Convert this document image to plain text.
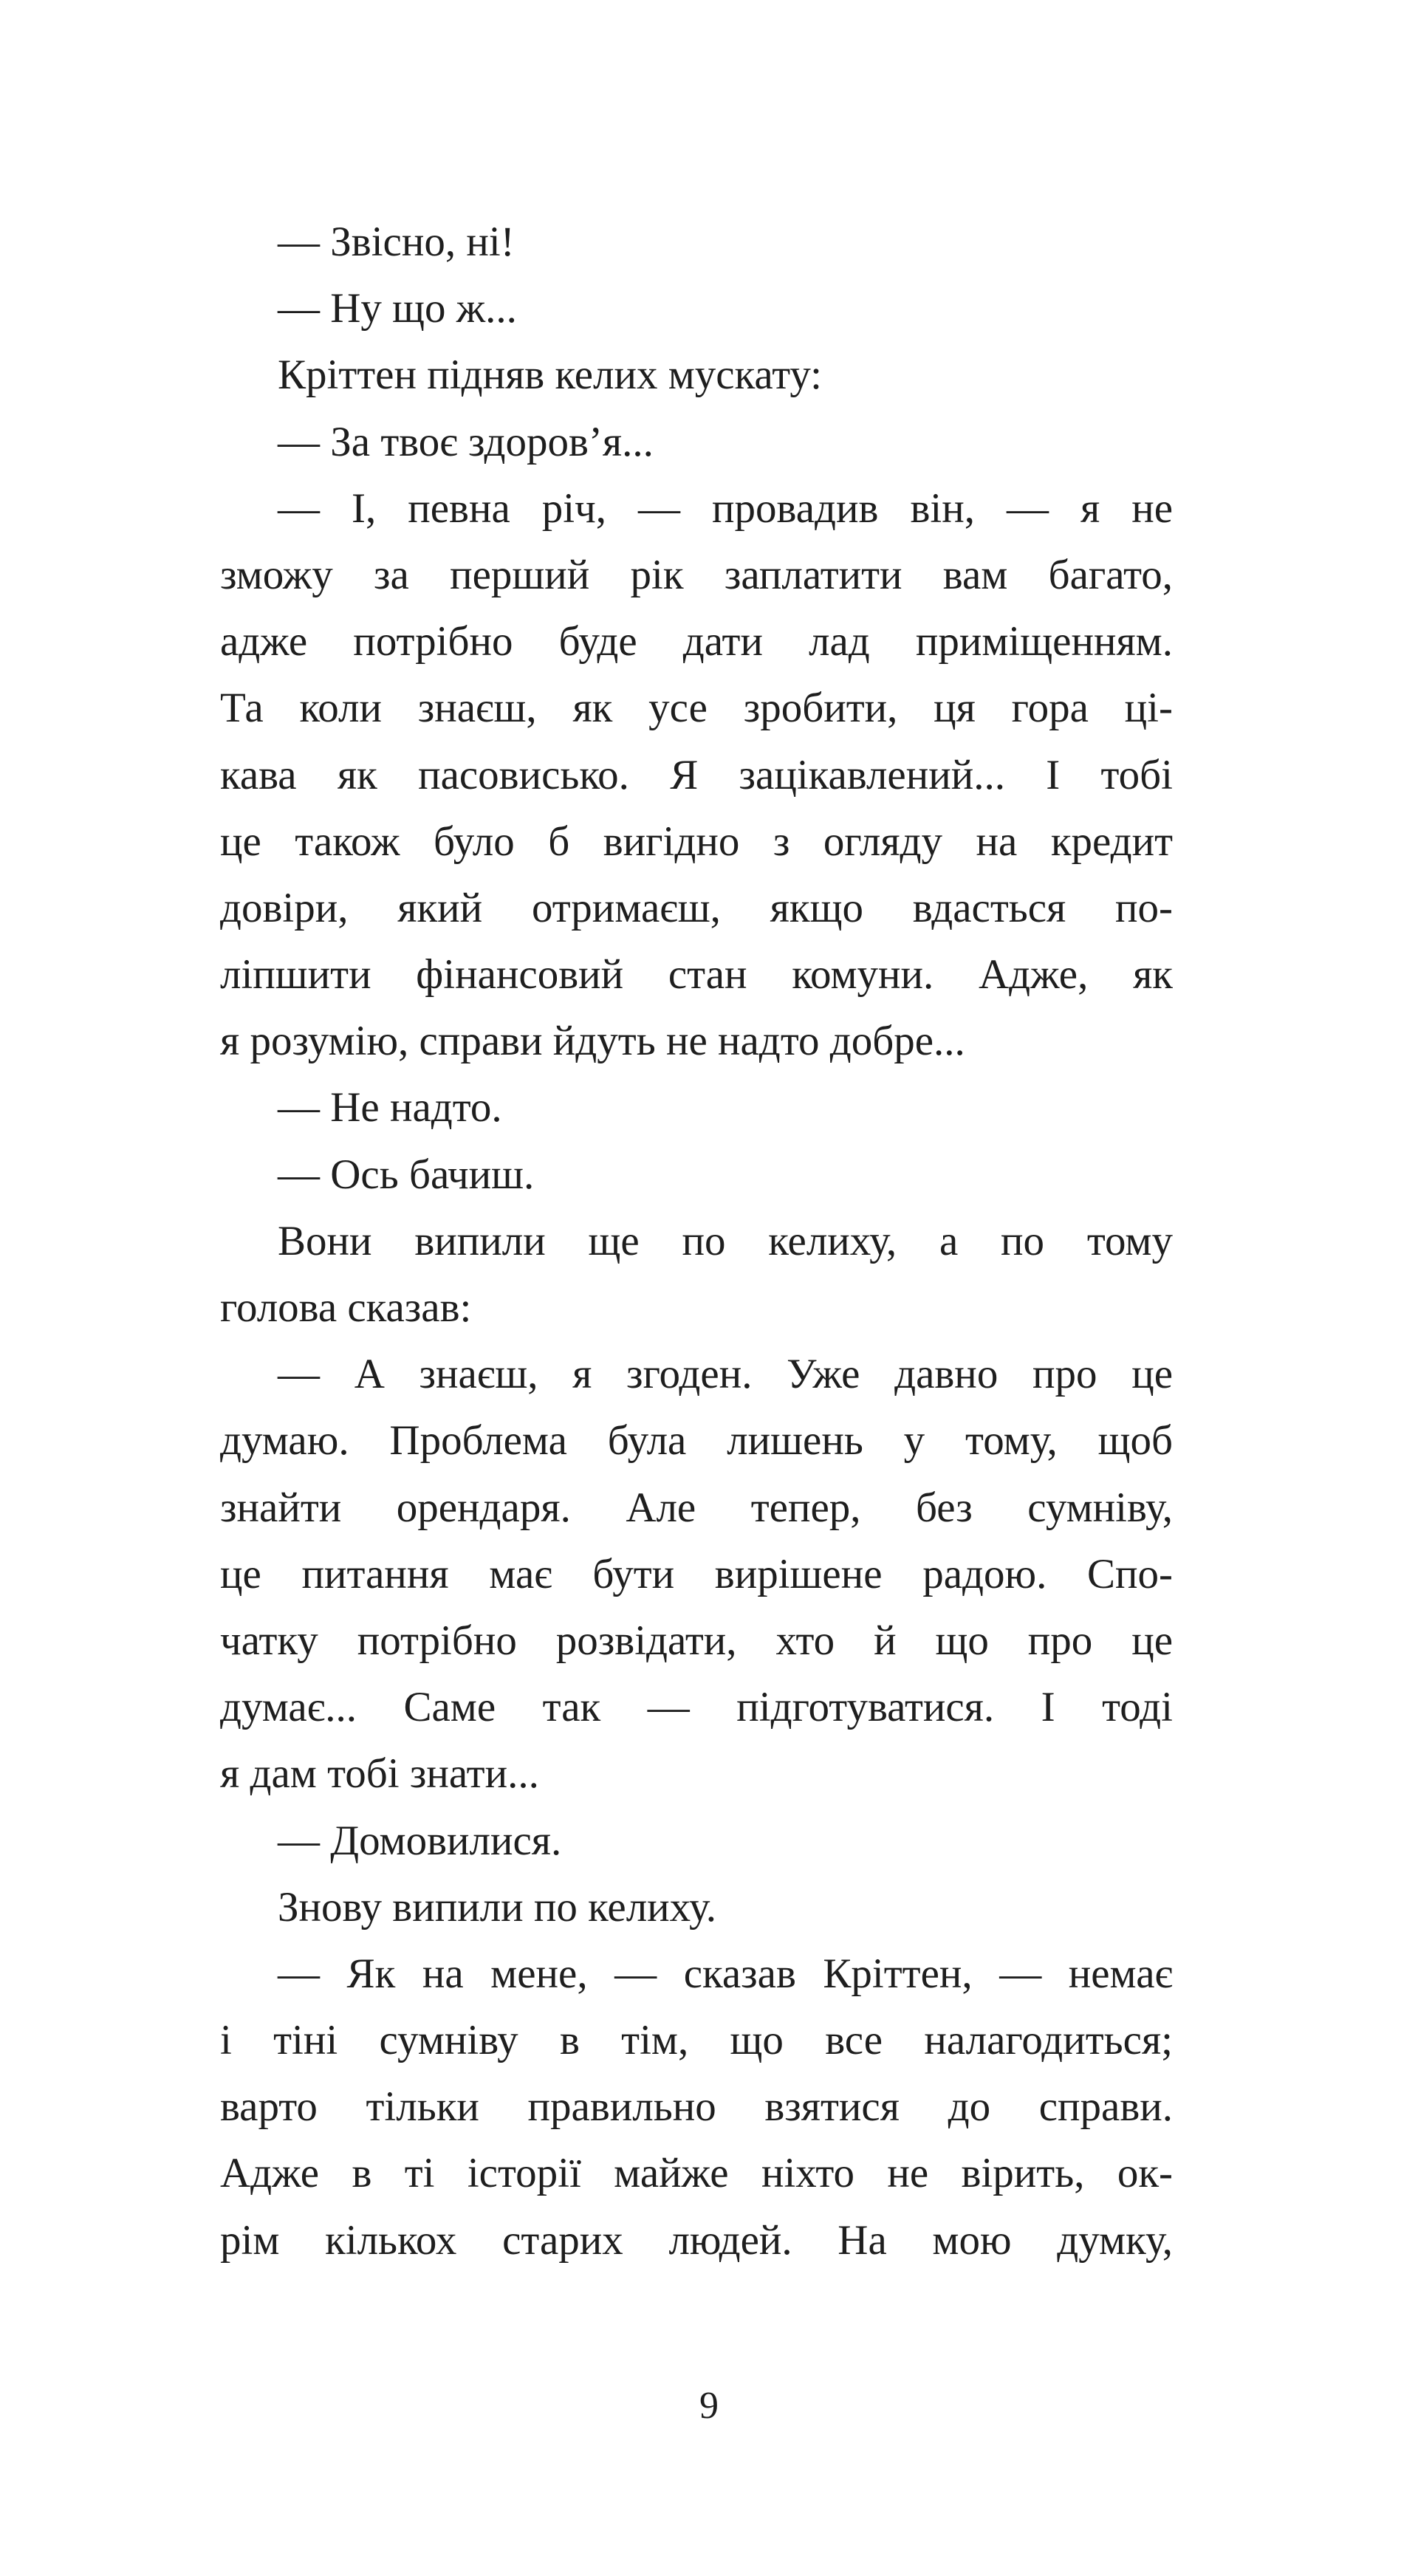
— Звісно, ні!
— Ну що ж...
Кріттен підняв келих мускату:
— За твоє здоров’я...
— І, певна річ, — провадив він, — я не
зможу за перший рік заплатити вам багато,
адже потрібно буде дати лад приміщенням.
Та коли знаєш, як усе зробити, ця гора ці-
кава як пасовисько. Я зацікавлений... І тобі
це також було б вигідно з огляду на кредит
довіри, який отримаєш, якщо вдасться по-
ліпшити фінансовий стан комуни. Адже, як
я розумію, справи йдуть не надто добре...
— Не надто.
— Ось бачиш.
Вони випили ще по келиху, а по тому
голова сказав:
— А знаєш, я згоден. Уже давно про це
думаю. Проблема була лишень у тому, щоб
знайти орендаря. Але тепер, без сумніву,
це питання має бути вирішене радою. Спо-
чатку потрібно розвідати, хто й що про це
думає... Саме так — підготуватися. І тоді
я дам тобі знати...
— Домовилися.
Знову випили по келиху.
— Як на мене, — сказав Кріттен, — немає
і тіні сумніву в тім, що все налагодиться;
варто тільки правильно взятися до справи.
Адже в ті історії майже ніхто не вірить, ок-
рім кількох старих людей. На мою думку,
9
